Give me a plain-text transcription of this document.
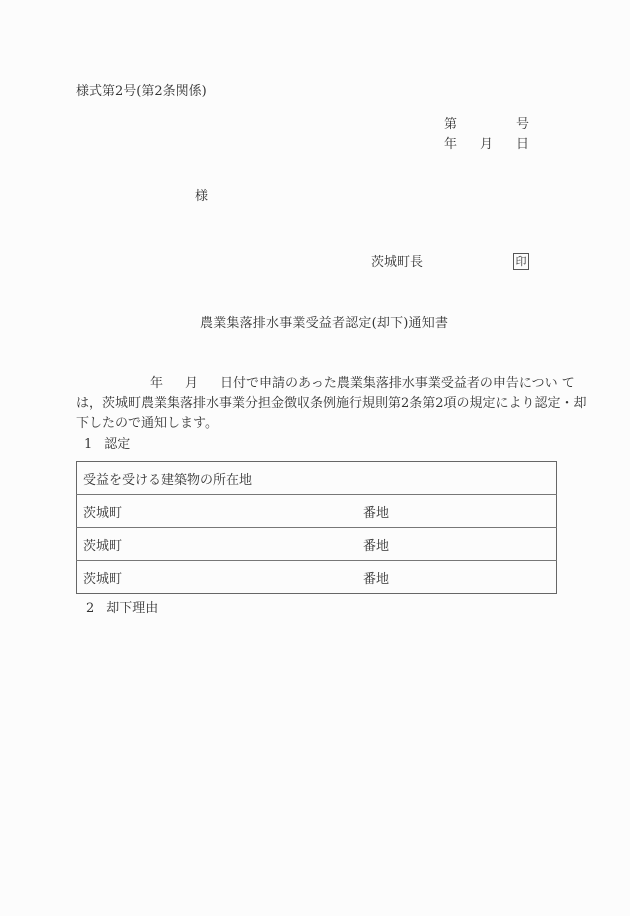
様式第2号(第2条関係)
第	号
年 月 日
様
茨城町長	印
農業集落排水事業受益者認定(却下)通知書
年 月 日付で申請のあった農業集落排水事業受益者の申告につい て
は，茨城町農業集落排水事業分担金徴収条例施行規則第2条第2項の規定により認定・却
下したので通知します。
1 認定
受益を受ける建築物の所在地	
茨城町	番地
茨城町	番地
茨城町	番地
2 却下理由
